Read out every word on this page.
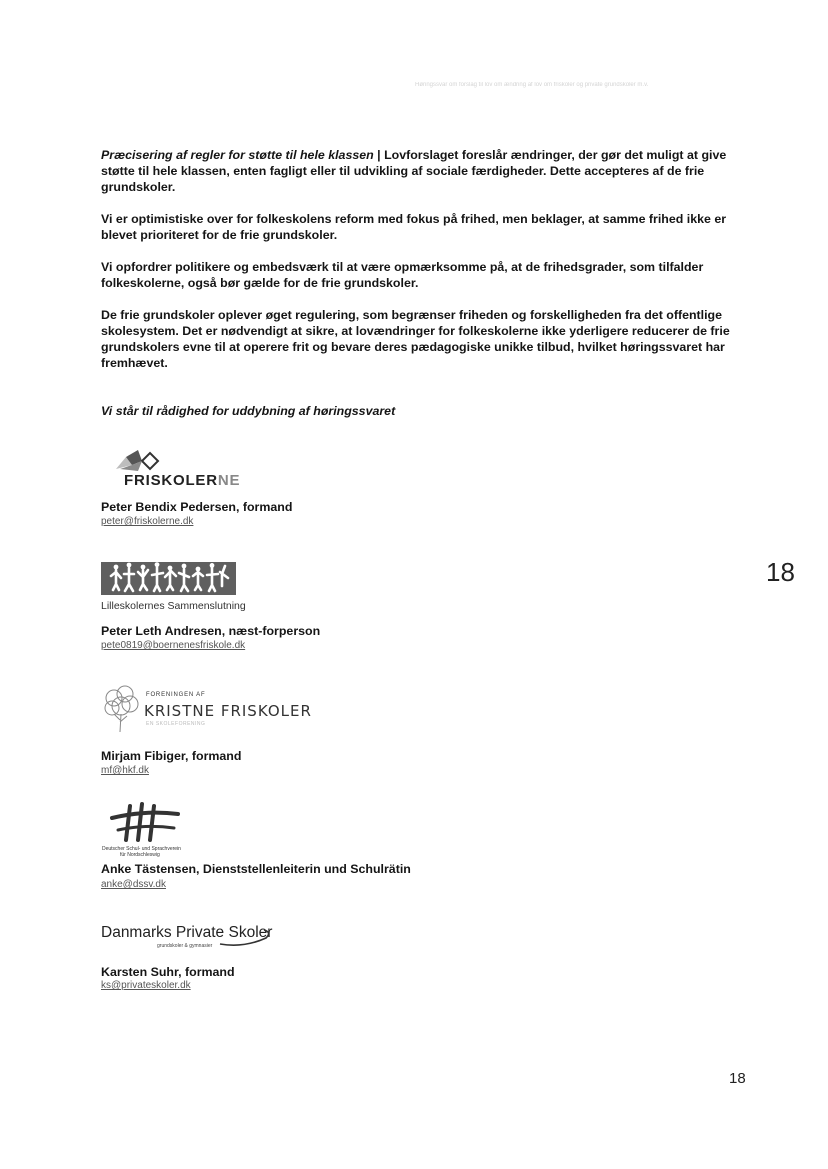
Høringssvar om forslag til lov om ændring af lov om friskoler og private grundskoler m.v.

Præcisering af regler for støtte til hele klassen | Lovforslaget foreslår ændringer, der gør det muligt at give støtte til hele klassen, enten fagligt eller til udvikling af sociale færdigheder. Dette accepteres af de frie grundskoler.

Vi er optimistiske over for folkeskolens reform med fokus på frihed, men beklager, at samme frihed ikke er blevet prioriteret for de frie grundskoler.

Vi opfordrer politikere og embedsværk til at være opmærksomme på, at de frihedsgrader, som tilfalder folkeskolerne, også bør gælde for de frie grundskoler.

De frie grundskoler oplever øget regulering, som begrænser friheden og forskelligheden fra det offentlige skolesystem. Det er nødvendigt at sikre, at lovændringer for folkeskolerne ikke yderligere reducerer de frie grundskolers evne til at operere frit og bevare deres pædagogiske unikke tilbud, hvilket høringssvaret har fremhævet.

Vi står til rådighed for uddybning af høringssvaret
FRISKOLERNE
Peter Bendix Pedersen, formand
peter@friskolerne.dk
Lilleskolernes Sammenslutning
Peter Leth Andresen, næst-forperson
pete0819@boernenesfriskole.dk
FORENINGEN AF
KRISTNE FRISKOLER
EN SKOLEFORENING
Mirjam Fibiger, formand
mf@hkf.dk
Deutscher Schul- und Sprachverein
für Nordschleswig
Anke Tästensen, Dienststellenleiterin und Schulrätin
anke@dssv.dk
Danmarks Private Skoler
grundskoler & gymnasier
Karsten Suhr, formand
ks@privateskoler.dk
18
18
